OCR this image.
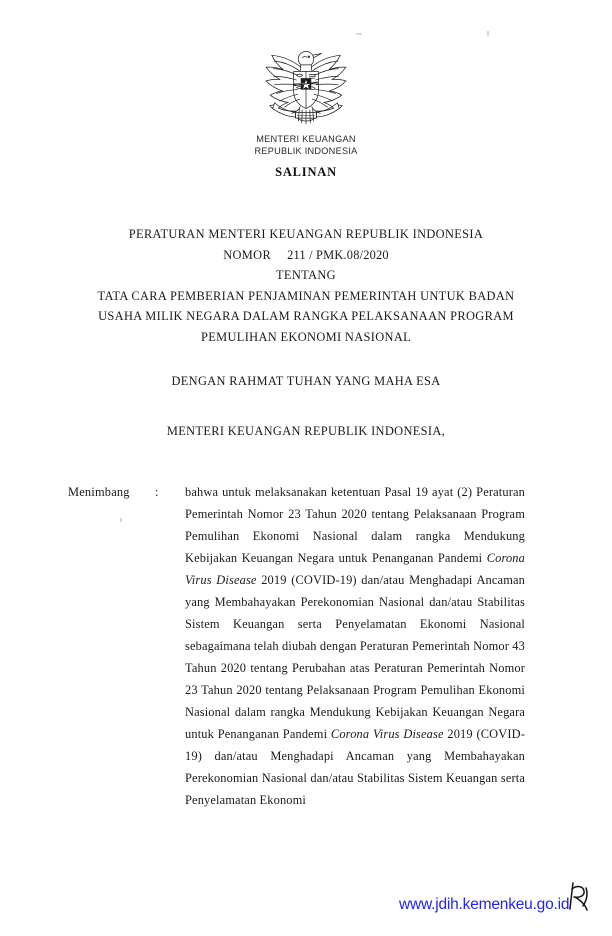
MENTERI KEUANGAN
REPUBLIK INDONESIA
SALINAN
PERATURAN MENTERI KEUANGAN REPUBLIK INDONESIA
NOMOR 211 / PMK.08/2020
TENTANG
TATA CARA PEMBERIAN PENJAMINAN PEMERINTAH UNTUK BADAN
USAHA MILIK NEGARA DALAM RANGKA PELAKSANAAN PROGRAM
PEMULIHAN EKONOMI NASIONAL
DENGAN RAHMAT TUHAN YANG MAHA ESA
MENTERI KEUANGAN REPUBLIK INDONESIA,
Menimbang : bahwa untuk melaksanakan ketentuan Pasal 19 ayat (2) Peraturan Pemerintah Nomor 23 Tahun 2020 tentang Pelaksanaan Program Pemulihan Ekonomi Nasional dalam rangka Mendukung Kebijakan Keuangan Negara untuk Penanganan Pandemi Corona Virus Disease 2019 (COVID-19) dan/atau Menghadapi Ancaman yang Membahayakan Perekonomian Nasional dan/atau Stabilitas Sistem Keuangan serta Penyelamatan Ekonomi Nasional sebagaimana telah diubah dengan Peraturan Pemerintah Nomor 43 Tahun 2020 tentang Perubahan atas Peraturan Pemerintah Nomor 23 Tahun 2020 tentang Pelaksanaan Program Pemulihan Ekonomi Nasional dalam rangka Mendukung Kebijakan Keuangan Negara untuk Penanganan Pandemi Corona Virus Disease 2019 (COVID-19) dan/atau Menghadapi Ancaman yang Membahayakan Perekonomian Nasional dan/atau Stabilitas Sistem Keuangan serta Penyelamatan Ekonomi
www.jdih.kemenkeu.go.id
